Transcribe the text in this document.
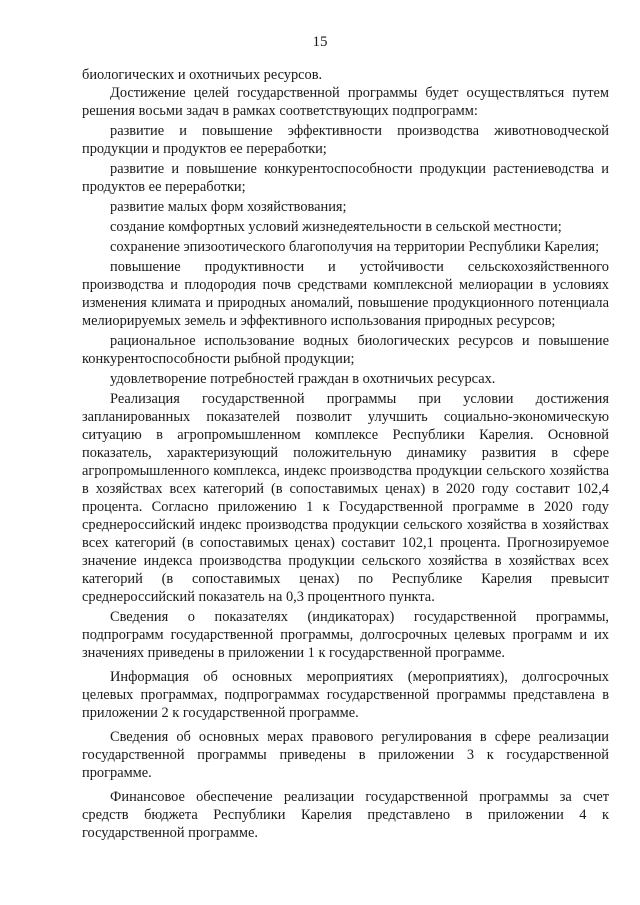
15

биологических и охотничьих ресурсов.

Достижение целей государственной программы будет осуществляться путем решения восьми задач в рамках соответствующих подпрограмм:

развитие и повышение эффективности производства животноводческой продукции и продуктов ее переработки;

развитие и повышение конкурентоспособности продукции растениеводства и продуктов ее переработки;

развитие малых форм хозяйствования;

создание комфортных условий жизнедеятельности в сельской местности;

сохранение эпизоотического благополучия на территории Республики Карелия;

повышение продуктивности и устойчивости сельскохозяйственного производства и плодородия почв средствами комплексной мелиорации в условиях изменения климата и природных аномалий, повышение продукционного потенциала мелиорируемых земель и эффективного использования природных ресурсов;

рациональное использование водных биологических ресурсов и повышение конкурентоспособности рыбной продукции;

удовлетворение потребностей граждан в охотничьих ресурсах.

Реализация государственной программы при условии достижения запланированных показателей позволит улучшить социально-экономическую ситуацию в агропромышленном комплексе Республики Карелия. Основной показатель, характеризующий положительную динамику развития в сфере агропромышленного комплекса, индекс производства продукции сельского хозяйства в хозяйствах всех категорий (в сопоставимых ценах) в 2020 году составит 102,4 процента. Согласно приложению 1 к Государственной программе в 2020 году среднероссийский индекс производства продукции сельского хозяйства в хозяйствах всех категорий (в сопоставимых ценах) составит 102,1 процента. Прогнозируемое значение индекса производства продукции сельского хозяйства в хозяйствах всех категорий (в сопоставимых ценах) по Республике Карелия превысит среднероссийский показатель на 0,3 процентного пункта.

Сведения о показателях (индикаторах) государственной программы, подпрограмм государственной программы, долгосрочных целевых программ и их значениях приведены в приложении 1 к государственной программе.

Информация об основных мероприятиях (мероприятиях), долгосрочных целевых программах, подпрограммах государственной программы представлена в приложении 2 к государственной программе.

Сведения об основных мерах правового регулирования в сфере реализации государственной программы приведены в приложении 3 к государственной программе.

Финансовое обеспечение реализации государственной программы за счет средств бюджета Республики Карелия представлено в приложении 4 к государственной программе.
